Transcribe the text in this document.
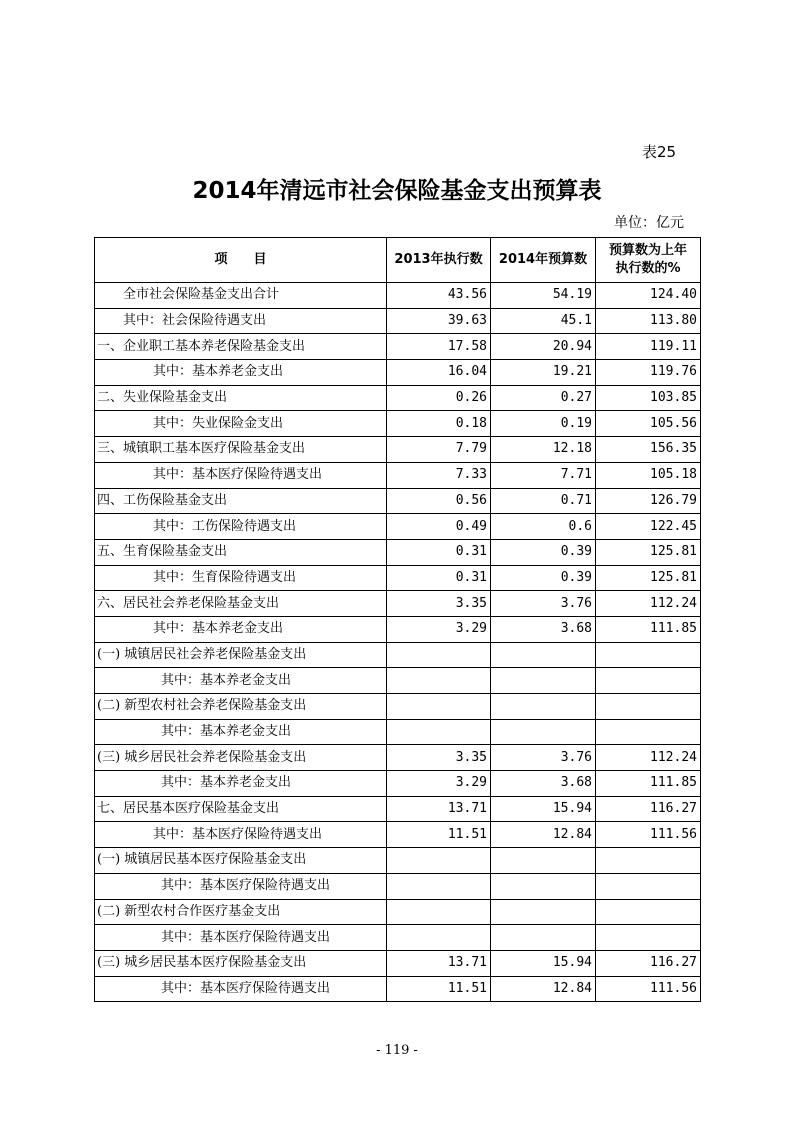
表25
2014年清远市社会保险基金支出预算表
单位：亿元
项　　目	2013年执行数	2014年预算数	预算数为上年
执行数的%
全市社会保险基金支出合计	43.56	54.19	124.40
其中：社会保险待遇支出	39.63	45.1	113.80
一、企业职工基本养老保险基金支出	17.58	20.94	119.11
其中：基本养老金支出	16.04	19.21	119.76
二、失业保险基金支出	0.26	0.27	103.85
其中：失业保险金支出	0.18	0.19	105.56
三、城镇职工基本医疗保险基金支出	7.79	12.18	156.35
其中：基本医疗保险待遇支出	7.33	7.71	105.18
四、工伤保险基金支出	0.56	0.71	126.79
其中：工伤保险待遇支出	0.49	0.6	122.45
五、生育保险基金支出	0.31	0.39	125.81
其中：生育保险待遇支出	0.31	0.39	125.81
六、居民社会养老保险基金支出	3.35	3.76	112.24
其中：基本养老金支出	3.29	3.68	111.85
(一) 城镇居民社会养老保险基金支出			
其中：基本养老金支出			
(二) 新型农村社会养老保险基金支出			
其中：基本养老金支出			
(三) 城乡居民社会养老保险基金支出	3.35	3.76	112.24
其中：基本养老金支出	3.29	3.68	111.85
七、居民基本医疗保险基金支出	13.71	15.94	116.27
其中：基本医疗保险待遇支出	11.51	12.84	111.56
(一) 城镇居民基本医疗保险基金支出			
其中：基本医疗保险待遇支出			
(二) 新型农村合作医疗基金支出			
其中：基本医疗保险待遇支出			
(三) 城乡居民基本医疗保险基金支出	13.71	15.94	116.27
其中：基本医疗保险待遇支出	11.51	12.84	111.56
- 119 -
